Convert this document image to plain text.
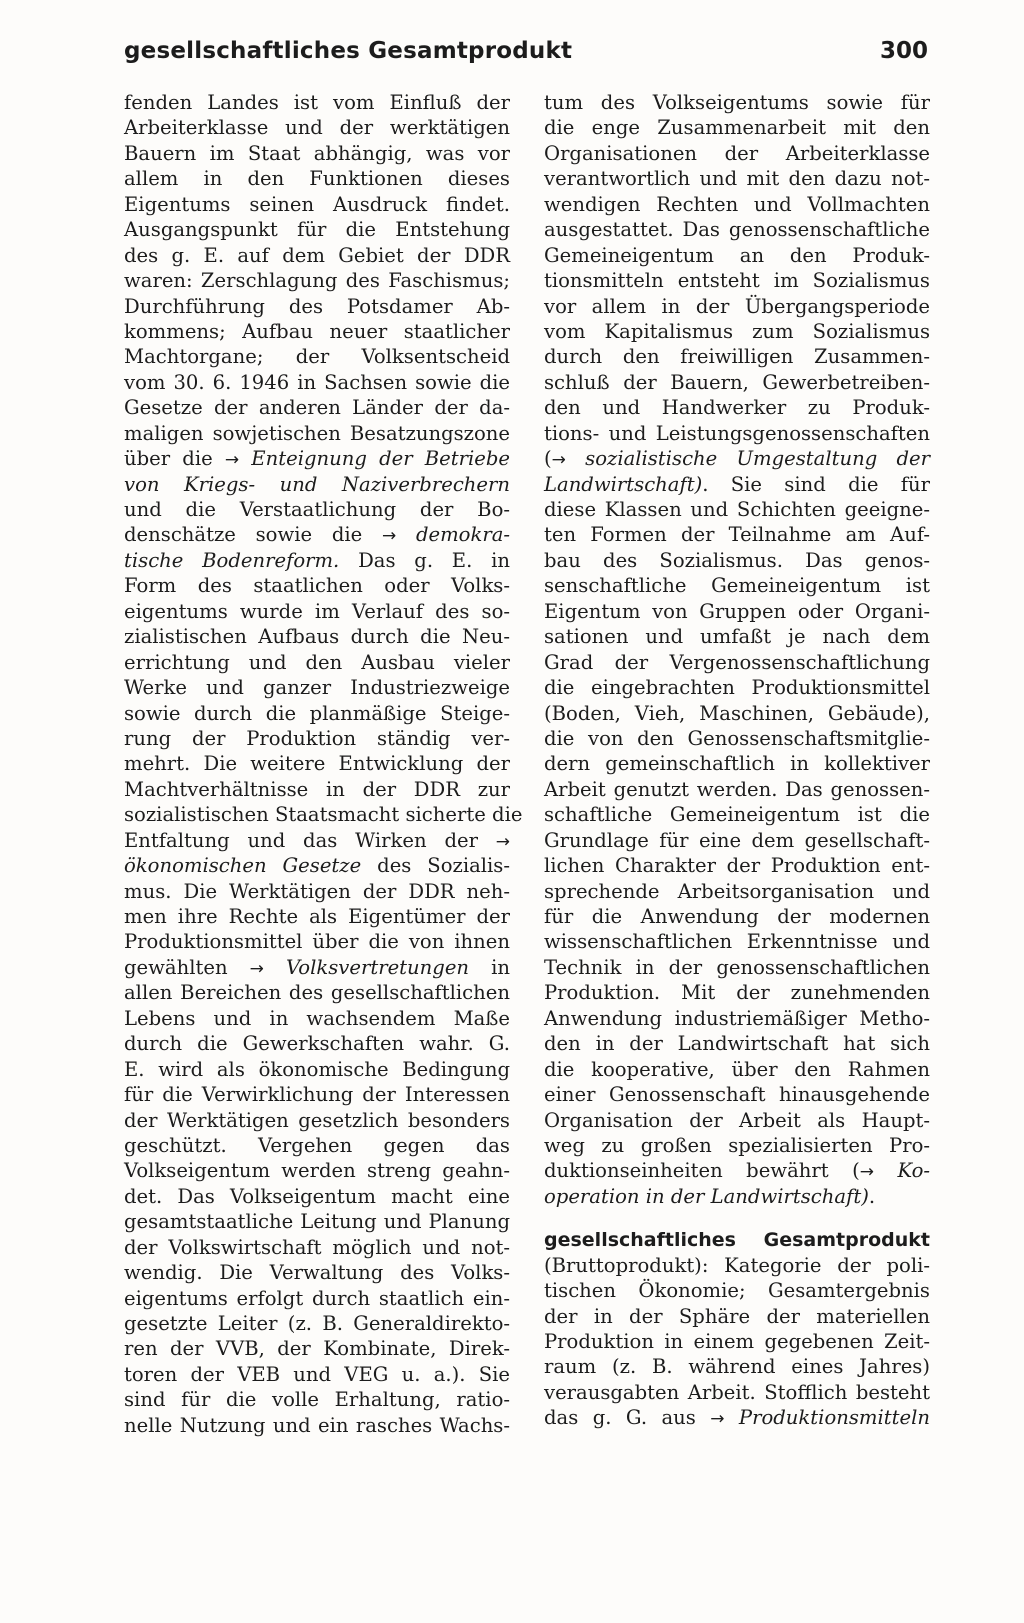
gesellschaftliches Gesamtprodukt	300
fenden Landes ist vom Einfluß der
Arbeiterklasse und der werktätigen
Bauern im Staat abhängig, was vor
allem in den Funktionen dieses
Eigentums seinen Ausdruck findet.
Ausgangspunkt für die Entstehung
des g. E. auf dem Gebiet der DDR
waren: Zerschlagung des Faschismus;
Durchführung des Potsdamer Ab-
kommens; Aufbau neuer staatlicher
Machtorgane; der Volksentscheid
vom 30. 6. 1946 in Sachsen sowie die
Gesetze der anderen Länder der da-
maligen sowjetischen Besatzungszone
über die → Enteignung der Betriebe
von Kriegs- und Naziverbrechern
und die Verstaatlichung der Bo-
denschätze sowie die → demokra-
tische Bodenreform. Das g. E. in
Form des staatlichen oder Volks-
eigentums wurde im Verlauf des so-
zialistischen Aufbaus durch die Neu-
errichtung und den Ausbau vieler
Werke und ganzer Industriezweige
sowie durch die planmäßige Steige-
rung der Produktion ständig ver-
mehrt. Die weitere Entwicklung der
Machtverhältnisse in der DDR zur
sozialistischen Staatsmacht sicherte die
Entfaltung und das Wirken der →
ökonomischen Gesetze des Sozialis-
mus. Die Werktätigen der DDR neh-
men ihre Rechte als Eigentümer der
Produktionsmittel über die von ihnen
gewählten → Volksvertretungen in
allen Bereichen des gesellschaftlichen
Lebens und in wachsendem Maße
durch die Gewerkschaften wahr. G.
E. wird als ökonomische Bedingung
für die Verwirklichung der Interessen
der Werktätigen gesetzlich besonders
geschützt. Vergehen gegen das
Volkseigentum werden streng geahn-
det. Das Volkseigentum macht eine
gesamtstaatliche Leitung und Planung
der Volkswirtschaft möglich und not-
wendig. Die Verwaltung des Volks-
eigentums erfolgt durch staatlich ein-
gesetzte Leiter (z. B. Generaldirekto-
ren der VVB, der Kombinate, Direk-
toren der VEB und VEG u. a.). Sie
sind für die volle Erhaltung, ratio-
nelle Nutzung und ein rasches Wachs-
tum des Volkseigentums sowie für
die enge Zusammenarbeit mit den
Organisationen der Arbeiterklasse
verantwortlich und mit den dazu not-
wendigen Rechten und Vollmachten
ausgestattet. Das genossenschaftliche
Gemeineigentum an den Produk-
tionsmitteln entsteht im Sozialismus
vor allem in der Übergangsperiode
vom Kapitalismus zum Sozialismus
durch den freiwilligen Zusammen-
schluß der Bauern, Gewerbetreiben-
den und Handwerker zu Produk-
tions- und Leistungsgenossenschaften
(→ sozialistische Umgestaltung der
Landwirtschaft). Sie sind die für
diese Klassen und Schichten geeigne-
ten Formen der Teilnahme am Auf-
bau des Sozialismus. Das genos-
senschaftliche Gemeineigentum ist
Eigentum von Gruppen oder Organi-
sationen und umfaßt je nach dem
Grad der Vergenossenschaftlichung
die eingebrachten Produktionsmittel
(Boden, Vieh, Maschinen, Gebäude),
die von den Genossenschaftsmitglie-
dern gemeinschaftlich in kollektiver
Arbeit genutzt werden. Das genossen-
schaftliche Gemeineigentum ist die
Grundlage für eine dem gesellschaft-
lichen Charakter der Produktion ent-
sprechende Arbeitsorganisation und
für die Anwendung der modernen
wissenschaftlichen Erkenntnisse und
Technik in der genossenschaftlichen
Produktion. Mit der zunehmenden
Anwendung industriemäßiger Metho-
den in der Landwirtschaft hat sich
die kooperative, über den Rahmen
einer Genossenschaft hinausgehende
Organisation der Arbeit als Haupt-
weg zu großen spezialisierten Pro-
duktionseinheiten bewährt (→ Ko-
operation in der Landwirtschaft).
gesellschaftliches Gesamtprodukt
(Bruttoprodukt): Kategorie der poli-
tischen Ökonomie; Gesamtergebnis
der in der Sphäre der materiellen
Produktion in einem gegebenen Zeit-
raum (z. B. während eines Jahres)
verausgabten Arbeit. Stofflich besteht
das g. G. aus → Produktionsmitteln
